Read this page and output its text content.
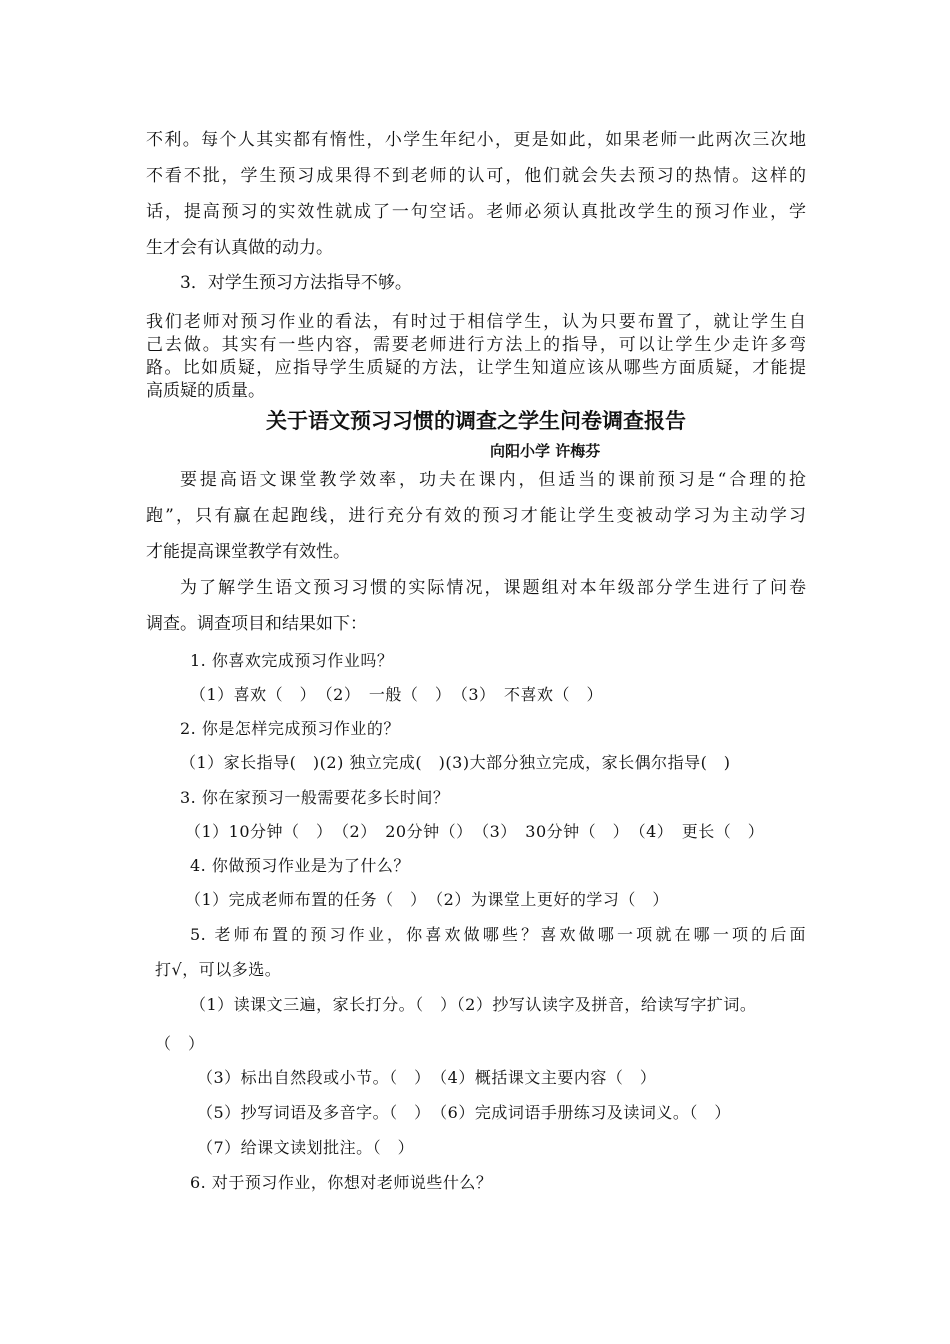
不利。每个人其实都有惰性，小学生年纪小，更是如此，如果老师一此两次三次地
不看不批，学生预习成果得不到老师的认可，他们就会失去预习的热情。这样的
话，提高预习的实效性就成了一句空话。老师必须认真批改学生的预习作业，学
生才会有认真做的动力。
3．对学生预习方法指导不够。
我们老师对预习作业的看法，有时过于相信学生，认为只要布置了，就让学生自
己去做。其实有一些内容，需要老师进行方法上的指导，可以让学生少走许多弯
路。比如质疑，应指导学生质疑的方法，让学生知道应该从哪些方面质疑，才能提
高质疑的质量。
关于语文预习习惯的调查之学生问卷调查报告
向阳小学 许梅芬
要提高语文课堂教学效率，功夫在课内，但适当的课前预习是“合理的抢
跑”，只有赢在起跑线，进行充分有效的预习才能让学生变被动学习为主动学习
才能提高课堂教学有效性。
为了解学生语文预习习惯的实际情况，课题组对本年级部分学生进行了问卷
调查。调查项目和结果如下：
1. 你喜欢完成预习作业吗？
（1）喜欢（　）　（2）　一般（　）　（3）　不喜欢（　）
2. 你是怎样完成预习作业的？
（1）家长指导(　)(2) 独立完成(　)(3)大部分独立完成，家长偶尔指导(　)
3. 你在家预习一般需要花多长时间？
（1）10分钟（　）　（2）　20分钟（）　（3）　30分钟（　）　（4）　更长（　）
4. 你做预习作业是为了什么？
（1）完成老师布置的任务（　）　（2）为课堂上更好的学习（　）
5. 老师布置的预习作业，你喜欢做哪些？喜欢做哪一项就在哪一项的后面
打√，可以多选。
（1）读课文三遍，家长打分。（　）（2）抄写认读字及拼音，给读写字扩词。
（　）
（3）标出自然段或小节。（　）　（4）概括课文主要内容（　）
（5）抄写词语及多音字。（　）　（6）完成词语手册练习及读词义。（　）
（7）给课文读划批注。（　）
6. 对于预习作业，你想对老师说些什么？
